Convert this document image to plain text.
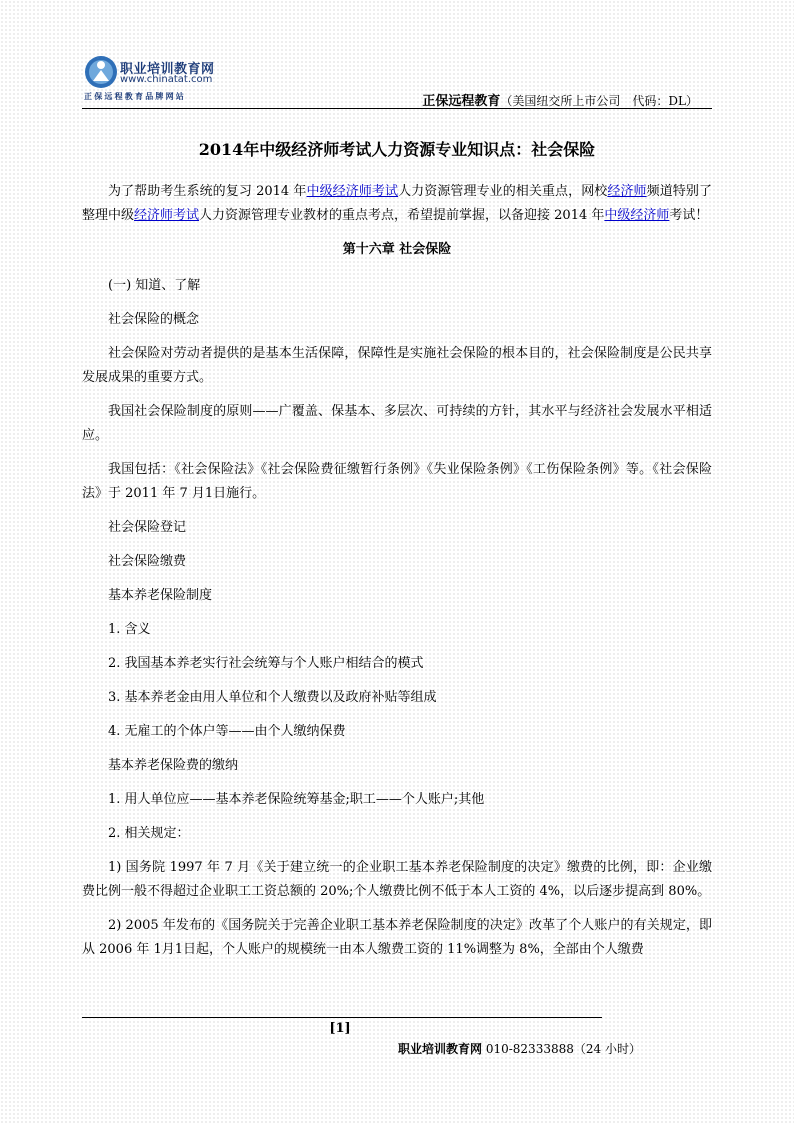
职业培训教育网
www.chinatat.com
正保远程教育品牌网站	正保远程教育（美国纽交所上市公司　代码：DL）
2014年中级经济师考试人力资源专业知识点：社会保险

为了帮助考生系统的复习 2014 年中级经济师考试人力资源管理专业的相关重点，网校经济师频道特别了整理中级经济师考试人力资源管理专业教材的重点考点，希望提前掌握，以备迎接 2014 年中级经济师考试！

第十六章 社会保险

(一) 知道、了解

社会保险的概念

社会保险对劳动者提供的是基本生活保障，保障性是实施社会保险的根本目的，社会保险制度是公民共享发展成果的重要方式。

我国社会保险制度的原则——广覆盖、保基本、多层次、可持续的方针，其水平与经济社会发展水平相适应。

我国包括：《社会保险法》《社会保险费征缴暂行条例》《失业保险条例》《工伤保险条例》等。《社会保险法》于 2011 年 7 月1日施行。

社会保险登记

社会保险缴费

基本养老保险制度

1. 含义

2. 我国基本养老实行社会统筹与个人账户相结合的模式

3. 基本养老金由用人单位和个人缴费以及政府补贴等组成

4. 无雇工的个体户等——由个人缴纳保费

基本养老保险费的缴纳

1. 用人单位应——基本养老保险统筹基金;职工——个人账户;其他

2. 相关规定：

1) 国务院 1997 年 7 月《关于建立统一的企业职工基本养老保险制度的决定》缴费的比例，即：企业缴费比例一般不得超过企业职工工资总额的 20%;个人缴费比例不低于本人工资的 4%，以后逐步提高到 80%。

2) 2005 年发布的《国务院关于完善企业职工基本养老保险制度的决定》改革了个人账户的有关规定，即从 2006 年 1月1日起，个人账户的规模统一由本人缴费工资的 11%调整为 8%，全部由个人缴费

[1]
职业培训教育网 010-82333888（24 小时）
